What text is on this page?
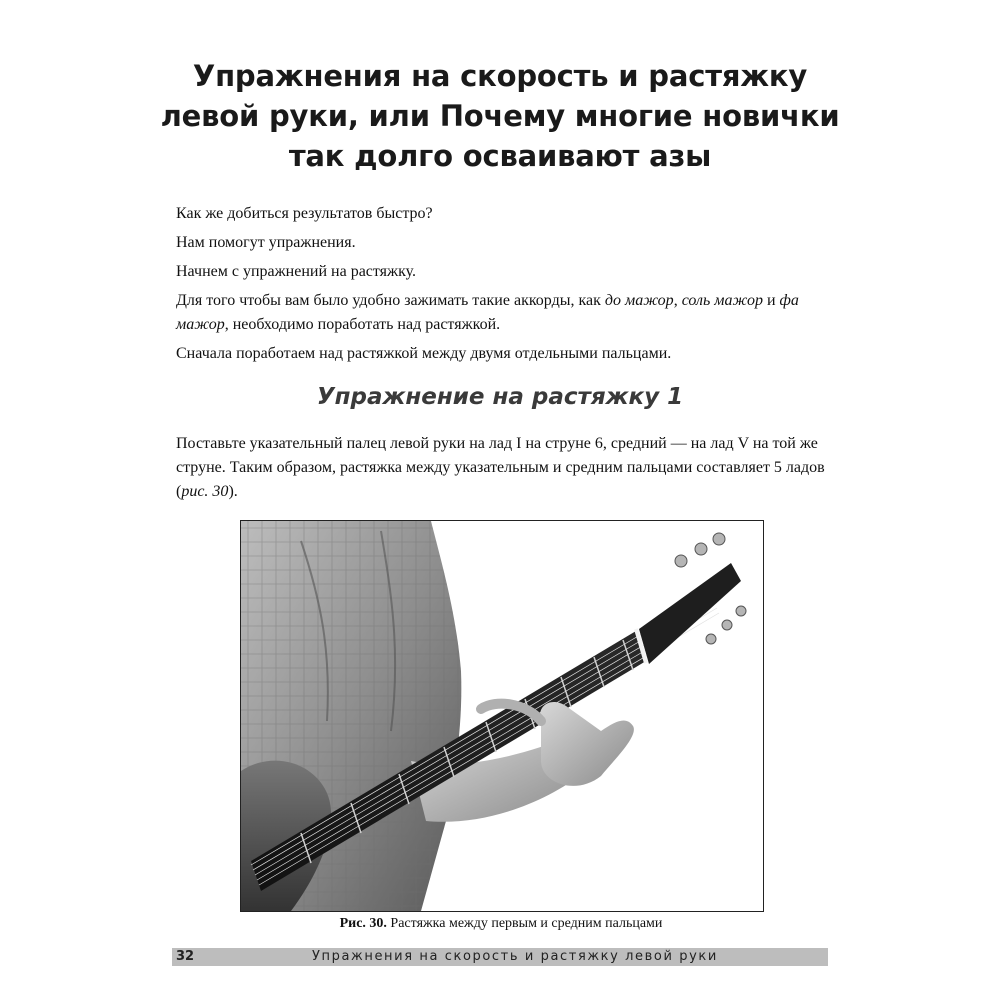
Упражнения на скорость и растяжку
левой руки, или Почему многие новички
так долго осваивают азы

Как же добиться результатов быстро?

Нам помогут упражнения.

Начнем с упражнений на растяжку.

Для того чтобы вам было удобно зажимать такие аккорды, как до мажор, соль мажор и фа мажор, необходимо поработать над растяжкой.

Сначала поработаем над растяжкой между двумя отдельными пальцами.

Упражнение на растяжку 1

Поставьте указательный палец левой руки на лад I на струне 6, средний — на лад V на той же струне. Таким образом, растяжка между указательным и средним пальцами составляет 5 ладов (рис. 30).

Рис. 30. Растяжка между первым и средним пальцами
32	Упражнения на скорость и растяжку левой руки
